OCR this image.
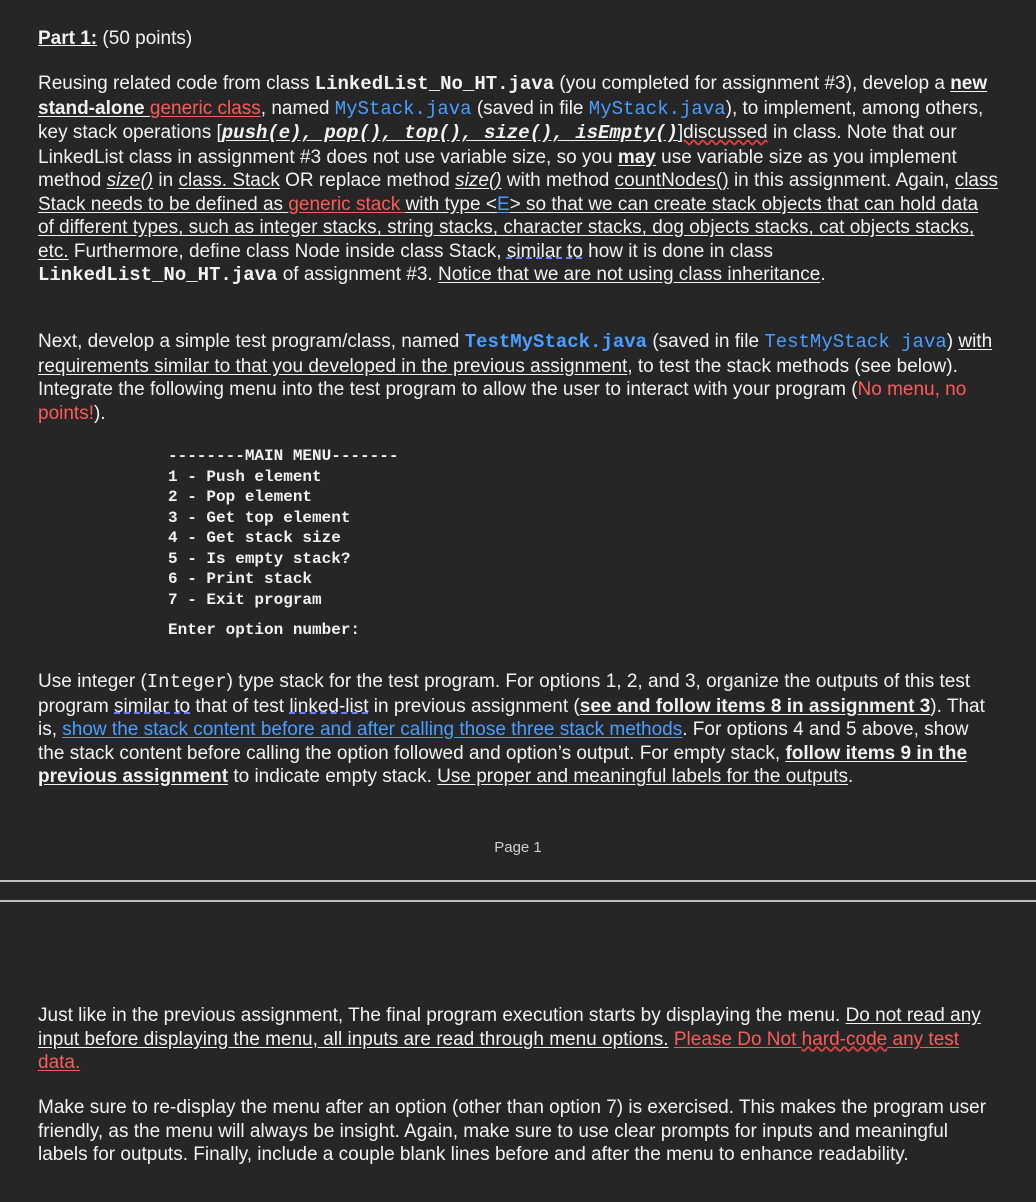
Part 1: (50 points)

Reusing related code from class LinkedList_No_HT.java (you completed for assignment #3), develop a new stand-alone generic class, named MyStack.java (saved in file MyStack.java), to implement, among others, key stack operations [push(e), pop(), top(), size(), isEmpty()]discussed in class. Note that our LinkedList class in assignment #3 does not use variable size, so you may use variable size as you implement method size() in class. Stack OR replace method size() with method countNodes() in this assignment. Again, class Stack needs to be defined as generic stack with type <E> so that we can create stack objects that can hold data of different types, such as integer stacks, string stacks, character stacks, dog objects stacks, cat objects stacks, etc. Furthermore, define class Node inside class Stack, similar to how it is done in class LinkedList_No_HT.java of assignment #3. Notice that we are not using class inheritance.

Next, develop a simple test program/class, named TestMyStack.java (saved in file TestMyStack java) with requirements similar to that you developed in the previous assignment, to test the stack methods (see below). Integrate the following menu into the test program to allow the user to interact with your program (No menu, no points!).

--------MAIN MENU-------
1 - Push element
2 - Pop element
3 - Get top element
4 - Get stack size
5 - Is empty stack?
6 - Print stack
7 - Exit program

Enter option number:

Use integer (Integer) type stack for the test program. For options 1, 2, and 3, organize the outputs of this test program similar to that of test linked-list in previous assignment (see and follow items 8 in assignment 3). That is, show the stack content before and after calling those three stack methods. For options 4 and 5 above, show the stack content before calling the option followed and option’s output. For empty stack, follow items 9 in the previous assignment to indicate empty stack. Use proper and meaningful labels for the outputs.

Page 1

Just like in the previous assignment, The final program execution starts by displaying the menu. Do not read any input before displaying the menu, all inputs are read through menu options. Please Do Not hard-code any test data.

Make sure to re-display the menu after an option (other than option 7) is exercised. This makes the program user friendly, as the menu will always be insight. Again, make sure to use clear prompts for inputs and meaningful labels for outputs. Finally, include a couple blank lines before and after the menu to enhance readability.
